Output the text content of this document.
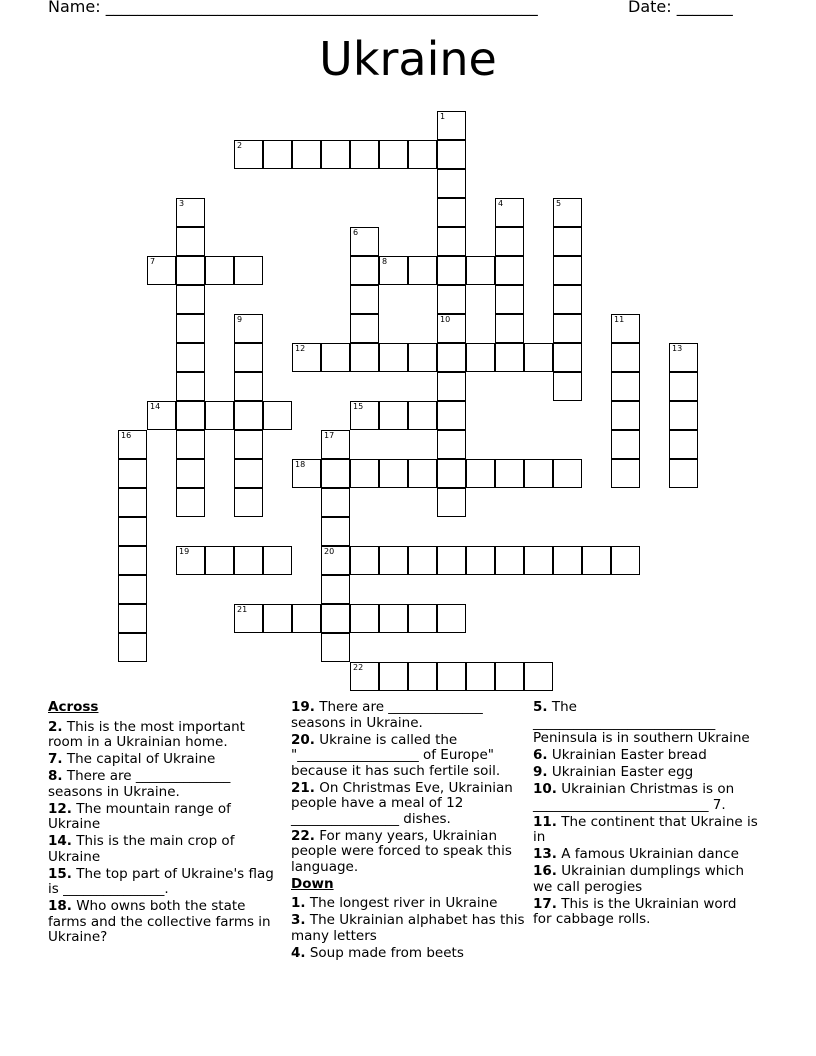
Name: ______________________________________________________	Date: _______
Ukraine
1
10
2
3	4	5
6
7	8
9	11
12	13
14	15
16	17
20
18
19
21
22
Across
2. This is the most important room in a Ukrainian home.
7. The capital of Ukraine
8. There are ______________ seasons in Ukraine.
12. The mountain range of Ukraine
14. This is the main crop of Ukraine
15. The top part of Ukraine's flag is _______________.
18. Who owns both the state farms and the collective farms in Ukraine?
19. There are ______________ seasons in Ukraine.
20. Ukraine is called the "__________________ of Europe" because it has such fertile soil.
21. On Christmas Eve, Ukrainian people have a meal of 12 ________________ dishes.
22. For many years, Ukrainian people were forced to speak this language.
Down
1. The longest river in Ukraine
3. The Ukrainian alphabet has this many letters
4. Soup made from beets
5. The ___________________________ Peninsula is in southern Ukraine
6. Ukrainian Easter bread
9. Ukrainian Easter egg
10. Ukrainian Christmas is on __________________________ 7.
11. The continent that Ukraine is in
13. A famous Ukrainian dance
16. Ukrainian dumplings which we call perogies
17. This is the Ukrainian word for cabbage rolls.
